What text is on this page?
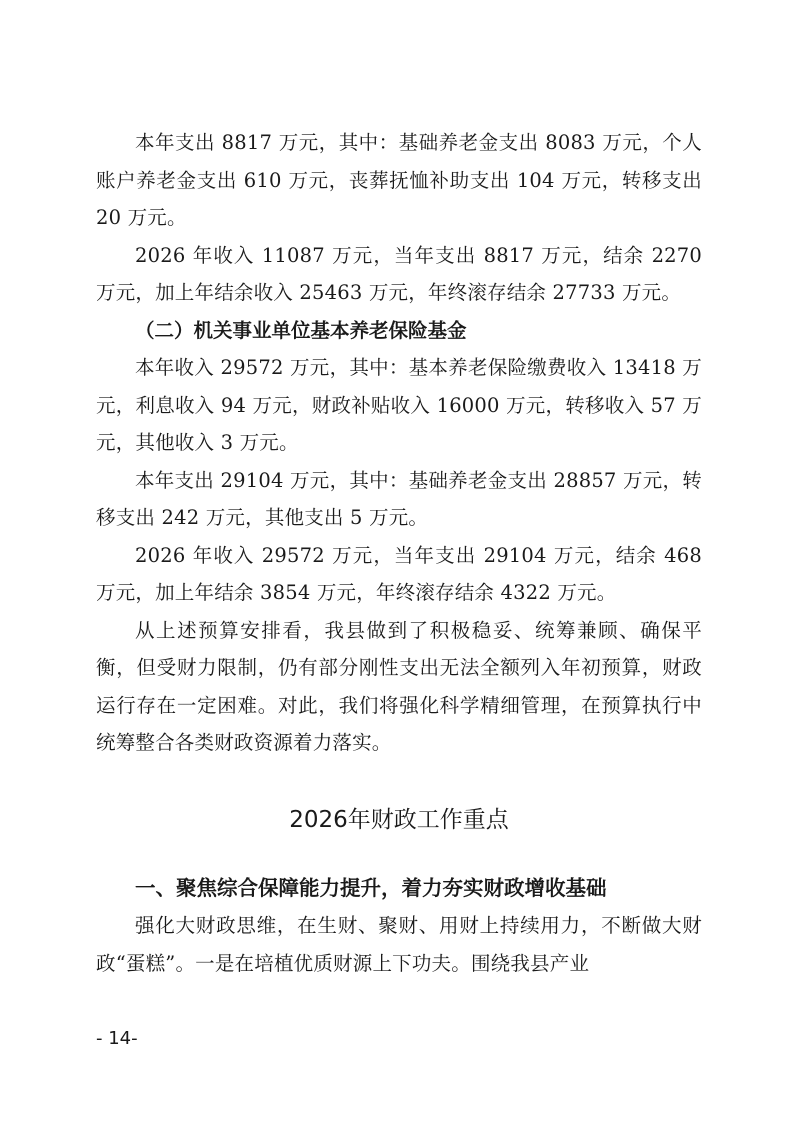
本年支出 8817 万元，其中：基础养老金支出 8083 万元，个人账户养老金支出 610 万元，丧葬抚恤补助支出 104 万元，转移支出 20 万元。

2026 年收入 11087 万元，当年支出 8817 万元，结余 2270 万元，加上年结余收入 25463 万元，年终滚存结余 27733 万元。

（二）机关事业单位基本养老保险基金

本年收入 29572 万元，其中：基本养老保险缴费收入 13418 万元，利息收入 94 万元，财政补贴收入 16000 万元，转移收入 57 万元，其他收入 3 万元。

本年支出 29104 万元，其中：基础养老金支出 28857 万元，转移支出 242 万元，其他支出 5 万元。

2026 年收入 29572 万元，当年支出 29104 万元，结余 468 万元，加上年结余 3854 万元，年终滚存结余 4322 万元。

从上述预算安排看，我县做到了积极稳妥、统筹兼顾、确保平衡，但受财力限制，仍有部分刚性支出无法全额列入年初预算，财政运行存在一定困难。对此，我们将强化科学精细管理，在预算执行中统筹整合各类财政资源着力落实。

2026年财政工作重点

一、聚焦综合保障能力提升，着力夯实财政增收基础

强化大财政思维，在生财、聚财、用财上持续用力，不断做大财政“蛋糕”。一是在培植优质财源上下功夫。围绕我县产业

- 14-
